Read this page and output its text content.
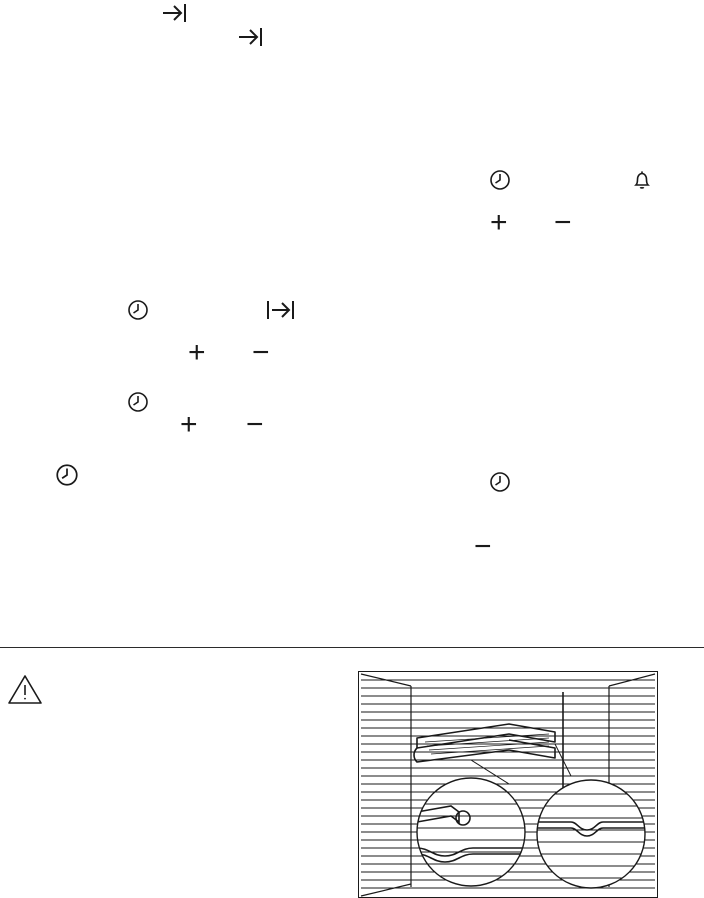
+ −
+ −
+ −
−
